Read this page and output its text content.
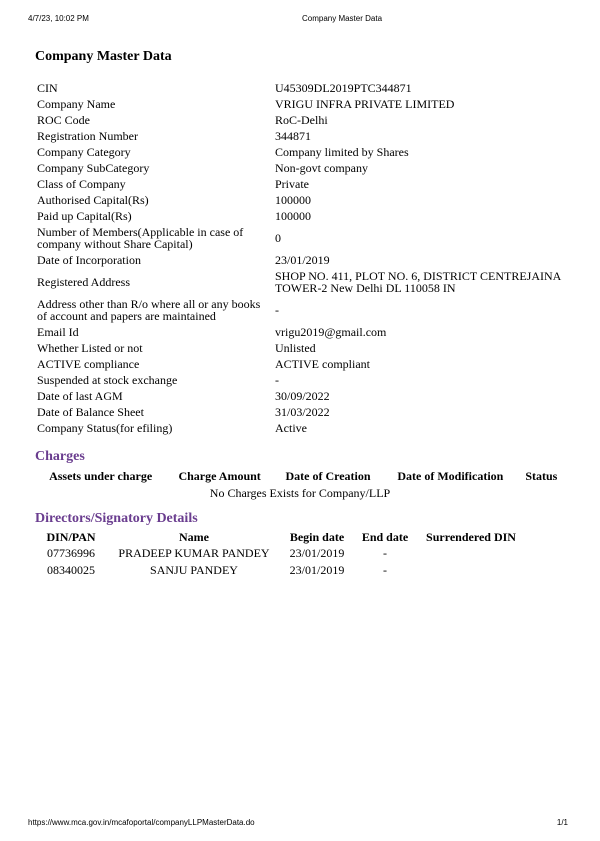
4/7/23, 10:02 PM	Company Master Data
Company Master Data
CIN	U45309DL2019PTC344871
Company Name	VRIGU INFRA PRIVATE LIMITED
ROC Code	RoC-Delhi
Registration Number	344871
Company Category	Company limited by Shares
Company SubCategory	Non-govt company
Class of Company	Private
Authorised Capital(Rs)	100000
Paid up Capital(Rs)	100000
Number of Members(Applicable in case of company without Share Capital)	0
Date of Incorporation	23/01/2019
Registered Address	SHOP NO. 411, PLOT NO. 6, DISTRICT CENTREJAINA TOWER-2 New Delhi DL 110058 IN
Address other than R/o where all or any books of account and papers are maintained	-
Email Id	vrigu2019@gmail.com
Whether Listed or not	Unlisted
ACTIVE compliance	ACTIVE compliant
Suspended at stock exchange	-
Date of last AGM	30/09/2022
Date of Balance Sheet	31/03/2022
Company Status(for efiling)	Active
Charges
Assets under charge	Charge Amount	Date of Creation	Date of Modification	Status
No Charges Exists for Company/LLP
Directors/Signatory Details
DIN/PAN	Name	Begin date	End date	Surrendered DIN
07736996	PRADEEP KUMAR PANDEY	23/01/2019	-	
08340025	SANJU PANDEY	23/01/2019	-	
https://www.mca.gov.in/mcafoportal/companyLLPMasterData.do	1/1
